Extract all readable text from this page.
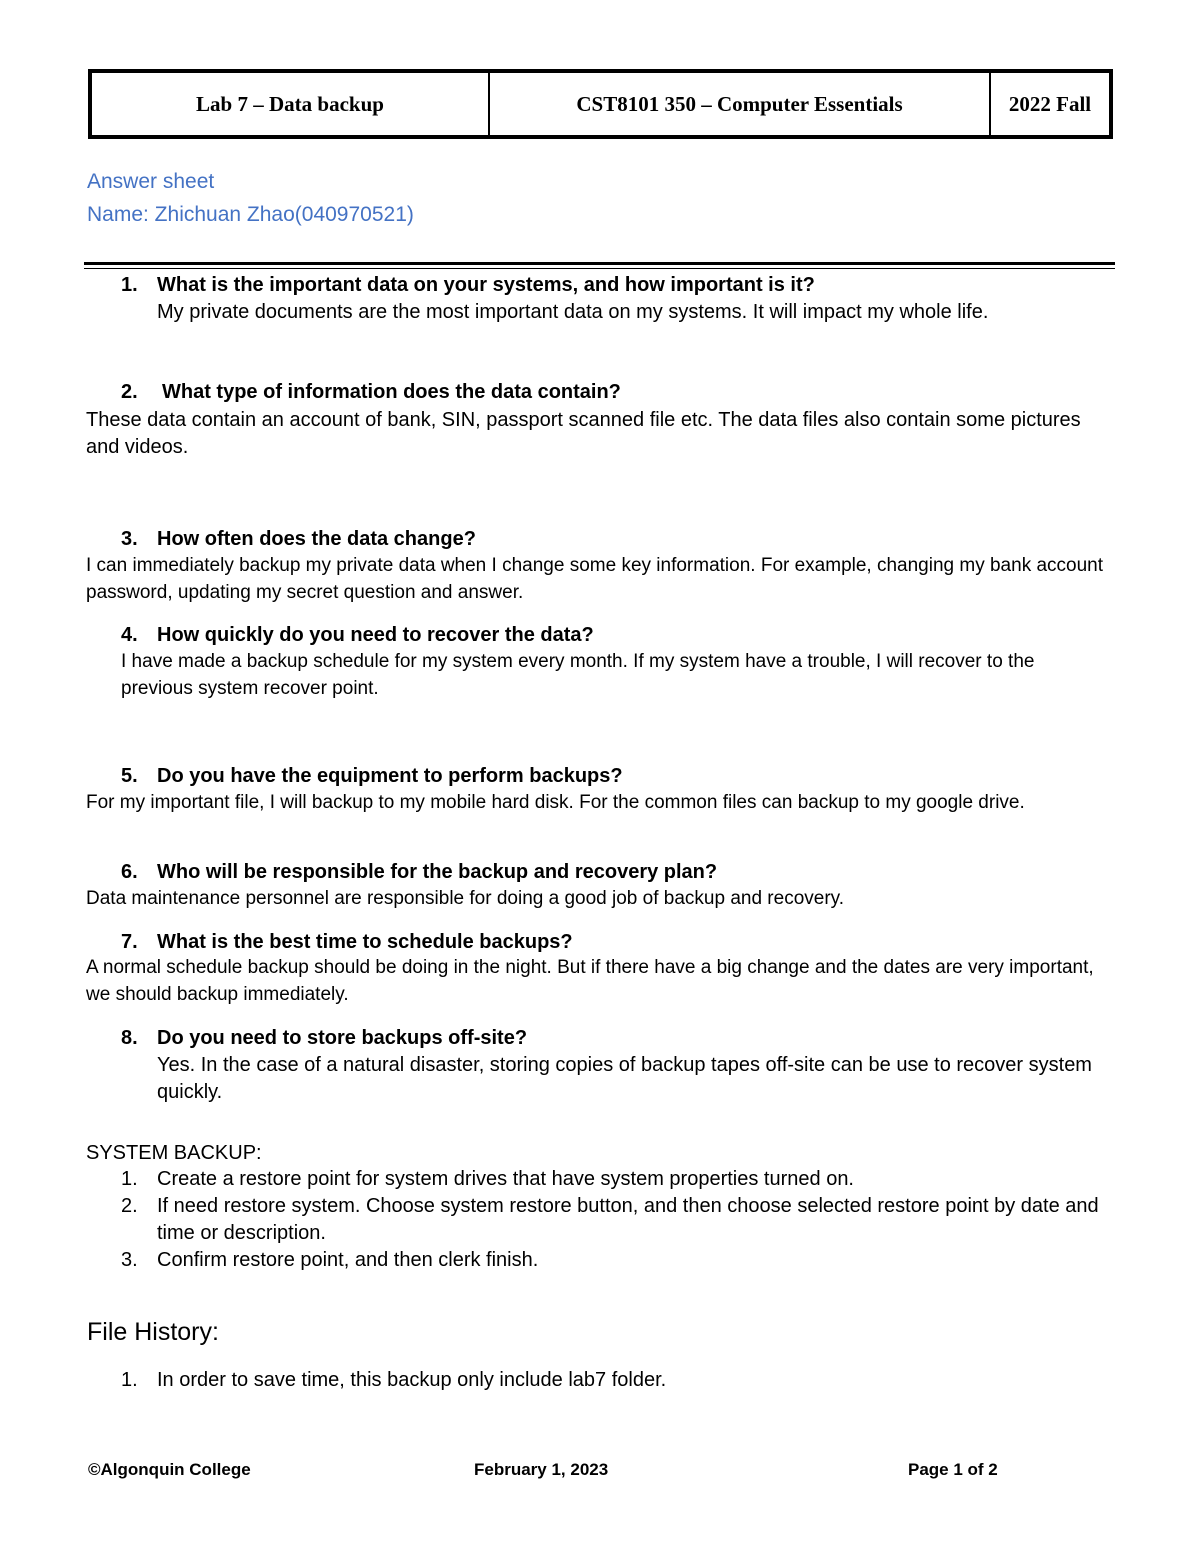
Lab 7 – Data backup	CST8101 350 – Computer Essentials	2022 Fall
Answer sheet
Name: Zhichuan Zhao(040970521)
1. What is the important data on your systems, and how important is it?
My private documents are the most important data on my systems. It will impact my whole life.
2. What type of information does the data contain?
These data contain an account of bank, SIN, passport scanned file etc. The data files also contain some pictures and videos.
3. How often does the data change?
I can immediately backup my private data when I change some key information. For example, changing my bank account password, updating my secret question and answer.
4. How quickly do you need to recover the data?
I have made a backup schedule for my system every month. If my system have a trouble, I will recover to the previous system recover point.
5. Do you have the equipment to perform backups?
For my important file, I will backup to my mobile hard disk. For the common files can backup to my google drive.
6. Who will be responsible for the backup and recovery plan?
Data maintenance personnel are responsible for doing a good job of backup and recovery.
7. What is the best time to schedule backups?
A normal schedule backup should be doing in the night. But if there have a big change and the dates are very important, we should backup immediately.
8. Do you need to store backups off-site?
Yes. In the case of a natural disaster, storing copies of backup tapes off-site can be use to recover system quickly.
SYSTEM BACKUP:
1. Create a restore point for system drives that have system properties turned on.
2. If need restore system. Choose system restore button, and then choose selected restore point by date and time or description.
3. Confirm restore point, and then clerk finish.
File History:
1. In order to save time, this backup only include lab7 folder.
©Algonquin College	February 1, 2023	Page 1 of 2
